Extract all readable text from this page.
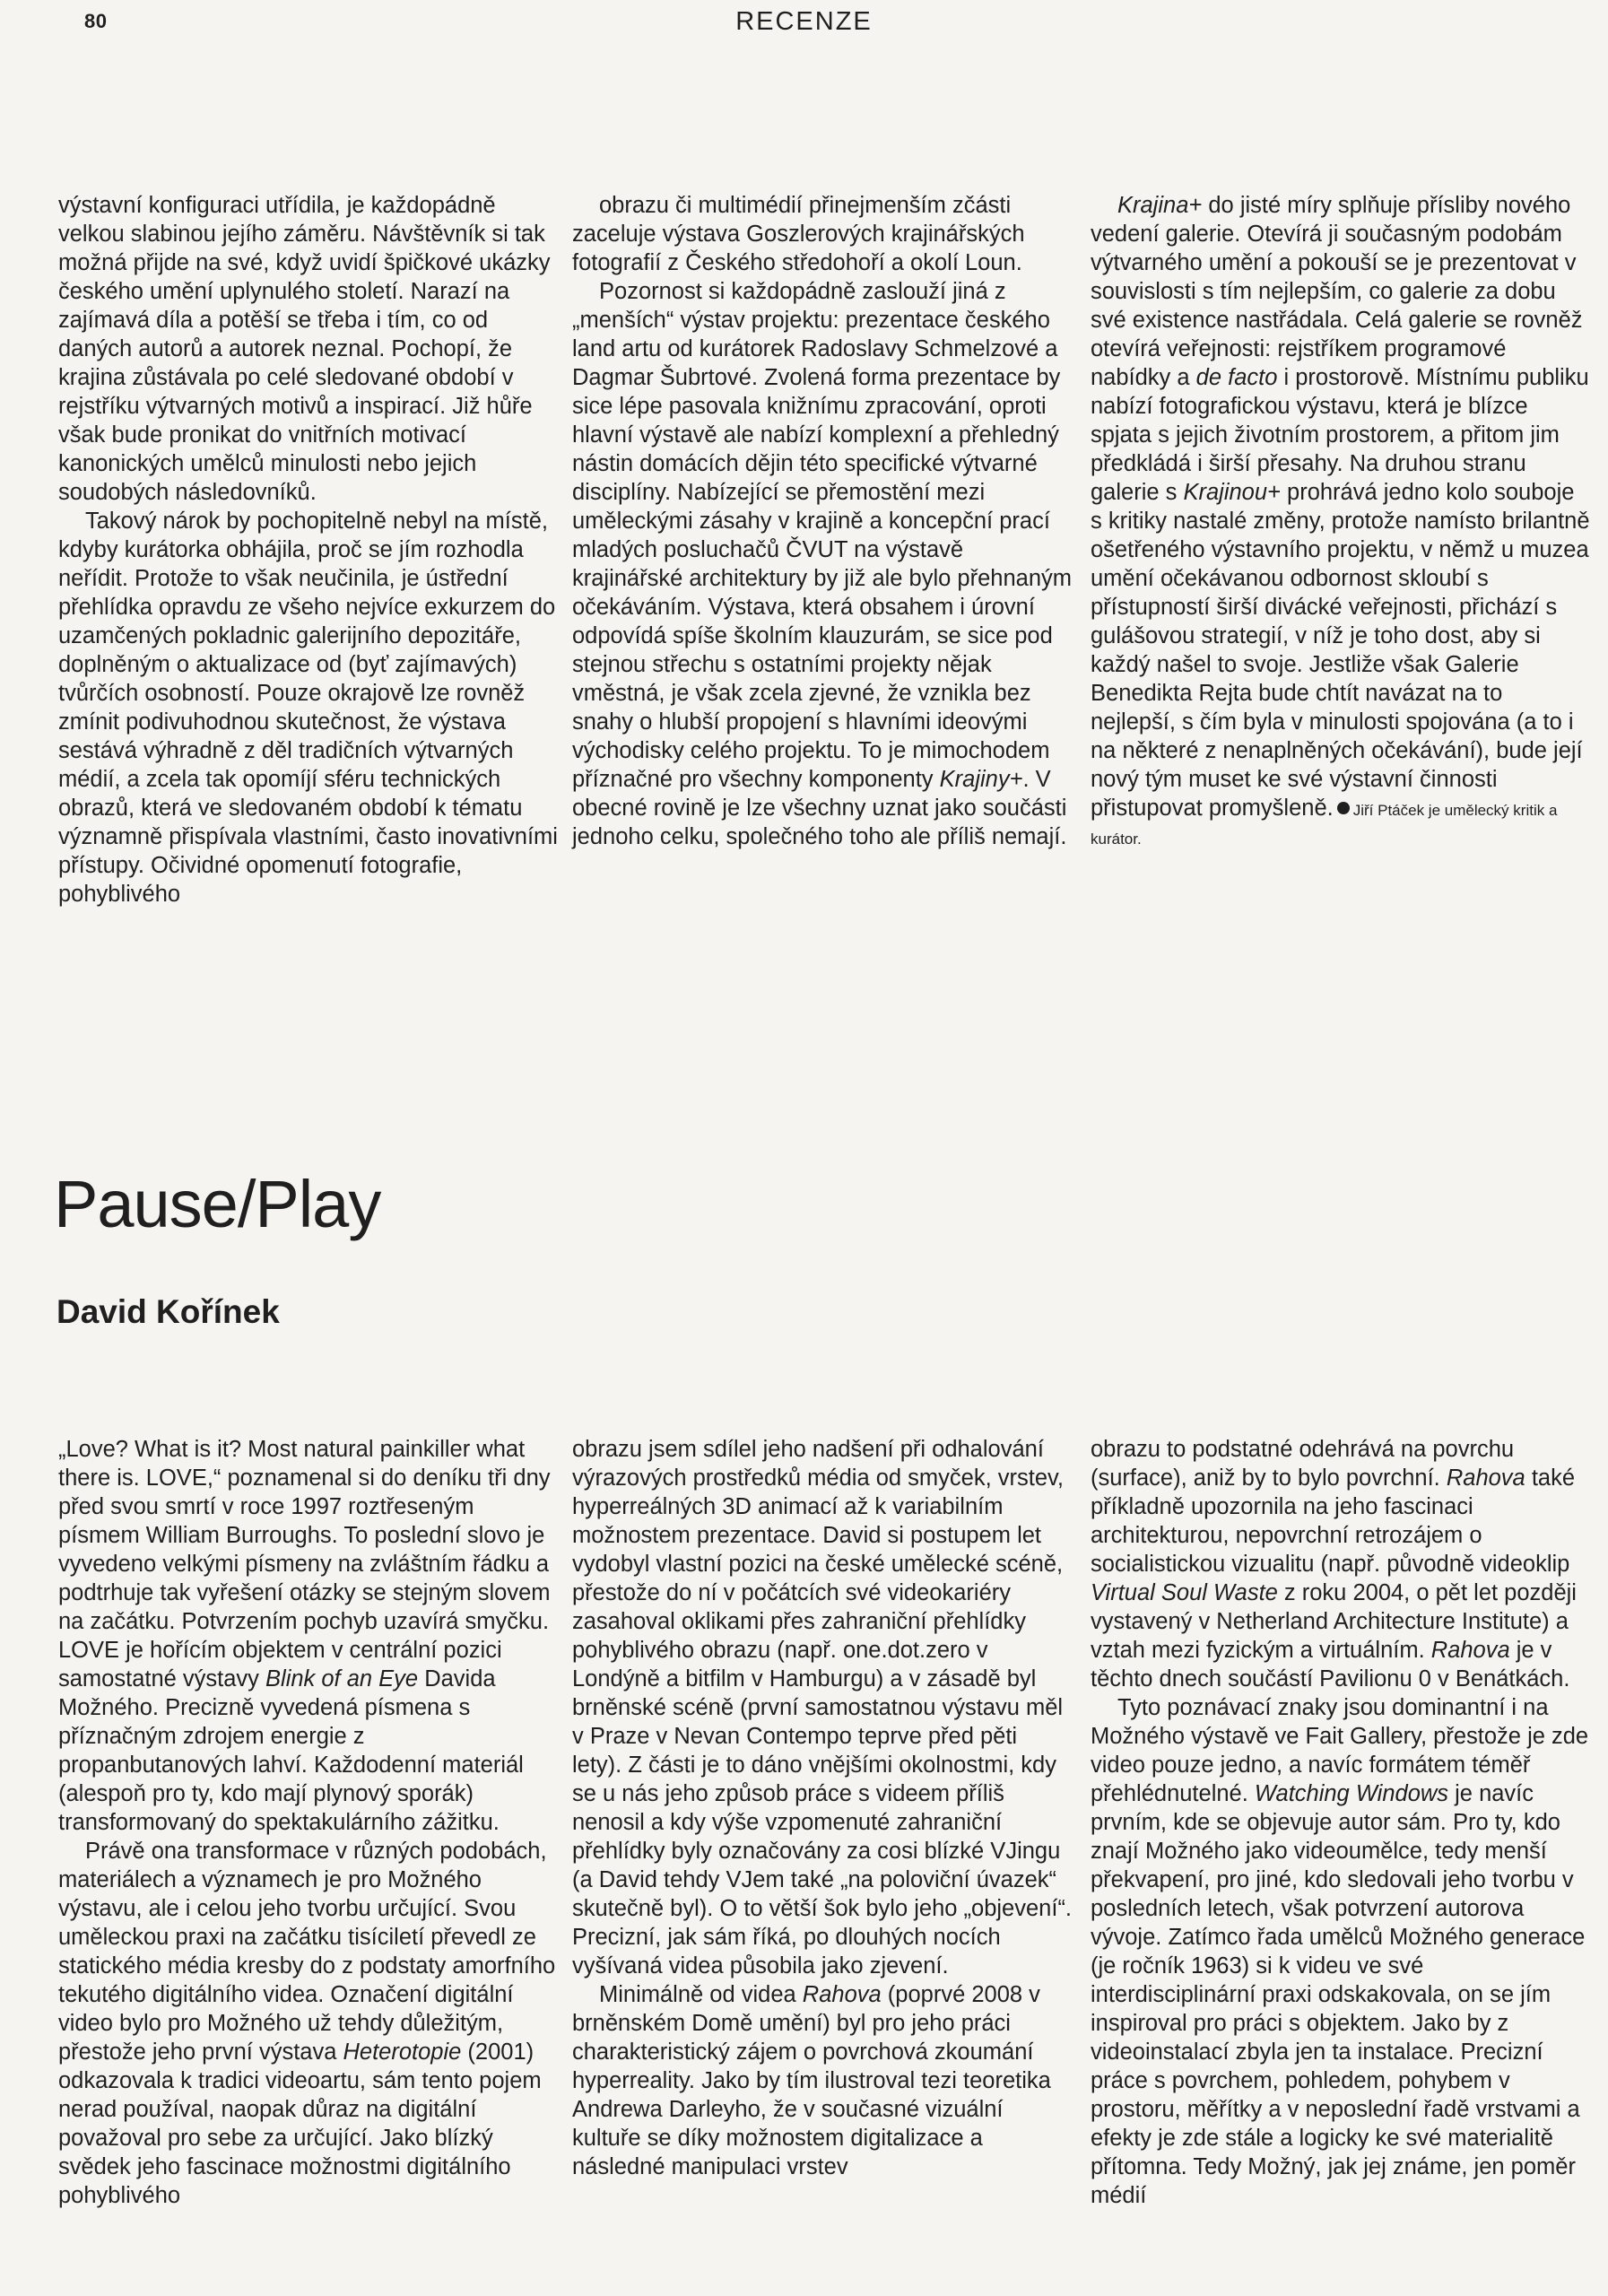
80	RECENZE

výstavní konfiguraci utřídila, je každopádně velkou slabinou jejího záměru. Návštěvník si tak možná přijde na své, když uvidí špičkové ukázky českého umění uplynulého století. Narazí na zajímavá díla a potěší se třeba i tím, co od daných autorů a autorek neznal. Pochopí, že krajina zůstávala po celé sledované období v rejstříku výtvarných motivů a inspirací. Již hůře však bude pronikat do vnitřních motivací kanonických umělců minulosti nebo jejich soudobých následovníků.

Takový nárok by pochopitelně nebyl na místě, kdyby kurátorka obhájila, proč se jím rozhodla neřídit. Protože to však neučinila, je ústřední přehlídka opravdu ze všeho nejvíce exkurzem do uzamčených pokladnic galerijního depozitáře, doplněným o aktualizace od (byť zajímavých) tvůrčích osobností. Pouze okrajově lze rovněž zmínit podivuhodnou skutečnost, že výstava sestává výhradně z děl tradičních výtvarných médií, a zcela tak opomíjí sféru technických obrazů, která ve sledovaném období k tématu významně přispívala vlastními, často inovativními přístupy. Očividné opomenutí fotografie, pohyblivého

obrazu či multimédií přinejmenším zčásti zaceluje výstava Goszlerových krajinářských fotografií z Českého středohoří a okolí Loun.

Pozornost si každopádně zaslouží jiná z „menších“ výstav projektu: prezentace českého land artu od kurátorek Radoslavy Schmelzové a Dagmar Šubrtové. Zvolená forma prezentace by sice lépe pasovala knižnímu zpracování, oproti hlavní výstavě ale nabízí komplexní a přehledný nástin domácích dějin této specifické výtvarné disciplíny. Nabízející se přemostění mezi uměleckými zásahy v krajině a koncepční prací mladých posluchačů ČVUT na výstavě krajinářské architektury by již ale bylo přehnaným očekáváním. Výstava, která obsahem i úrovní odpovídá spíše školním klauzurám, se sice pod stejnou střechu s ostatními projekty nějak vměstná, je však zcela zjevné, že vznikla bez snahy o hlubší propojení s hlavními ideovými východisky celého projektu. To je mimochodem příznačné pro všechny komponenty Krajiny+. V obecné rovině je lze všechny uznat jako součásti jednoho celku, společného toho ale příliš nemají.

Krajina+ do jisté míry splňuje přísliby nového vedení galerie. Otevírá ji současným podobám výtvarného umění a pokouší se je prezentovat v souvislosti s tím nejlepším, co galerie za dobu své existence nastřádala. Celá galerie se rovněž otevírá veřejnosti: rejstříkem programové nabídky a de facto i prostorově. Místnímu publiku nabízí fotografickou výstavu, která je blízce spjata s jejich životním prostorem, a přitom jim předkládá i širší přesahy. Na druhou stranu galerie s Krajinou+ prohrává jedno kolo souboje s kritiky nastalé změny, protože namísto brilantně ošetřeného výstavního projektu, v němž u muzea umění očekávanou odbornost skloubí s přístupností širší divácké veřejnosti, přichází s gulášovou strategií, v níž je toho dost, aby si každý našel to svoje. Jestliže však Galerie Benedikta Rejta bude chtít navázat na to nejlepší, s čím byla v minulosti spojována (a to i na některé z nenaplněných očekávání), bude její nový tým muset ke své výstavní činnosti přistupovat promyšleně. Jiří Ptáček je umělecký kritik a kurátor.

Pause/Play
David Kořínek

„Love? What is it? Most natural painkiller what there is. LOVE,“ poznamenal si do deníku tři dny před svou smrtí v roce 1997 roztřeseným písmem William Burroughs. To poslední slovo je vyvedeno velkými písmeny na zvláštním řádku a podtrhuje tak vyřešení otázky se stejným slovem na začátku. Potvrzením pochyb uzavírá smyčku. LOVE je hořícím objektem v centrální pozici samostatné výstavy Blink of an Eye Davida Možného. Precizně vyvedená písmena s příznačným zdrojem energie z propanbutanových lahví. Každodenní materiál (alespoň pro ty, kdo mají plynový sporák) transformovaný do spektakulárního zážitku.

Právě ona transformace v různých podobách, materiálech a významech je pro Možného výstavu, ale i celou jeho tvorbu určující. Svou uměleckou praxi na začátku tisíciletí převedl ze statického média kresby do z podstaty amorfního tekutého digitálního videa. Označení digitální video bylo pro Možného už tehdy důležitým, přestože jeho první výstava Heterotopie (2001) odkazovala k tradici videoartu, sám tento pojem nerad používal, naopak důraz na digitální považoval pro sebe za určující. Jako blízký svědek jeho fascinace možnostmi digitálního pohyblivého

obrazu jsem sdílel jeho nadšení při odhalování výrazových prostředků média od smyček, vrstev, hyperreálných 3D animací až k variabilním možnostem prezentace. David si postupem let vydobyl vlastní pozici na české umělecké scéně, přestože do ní v počátcích své videokariéry zasahoval oklikami přes zahraniční přehlídky pohyblivého obrazu (např. one.dot.zero v Londýně a bitfilm v Hamburgu) a v zásadě byl brněnské scéně (první samostatnou výstavu měl v Praze v Nevan Contempo teprve před pěti lety). Z části je to dáno vnějšími okolnostmi, kdy se u nás jeho způsob práce s videem příliš nenosil a kdy výše vzpomenuté zahraniční přehlídky byly označovány za cosi blízké VJingu (a David tehdy VJem také „na poloviční úvazek“ skutečně byl). O to větší šok bylo jeho „objevení“. Precizní, jak sám říká, po dlouhých nocích vyšívaná videa působila jako zjevení.

Minimálně od videa Rahova (poprvé 2008 v brněnském Domě umění) byl pro jeho práci charakteristický zájem o povrchová zkoumání hyperreality. Jako by tím ilustroval tezi teoretika Andrewa Darleyho, že v současné vizuální kultuře se díky možnostem digitalizace a následné manipulaci vrstev

obrazu to podstatné odehrává na povrchu (surface), aniž by to bylo povrchní. Rahova také příkladně upozornila na jeho fascinaci architekturou, nepovrchní retrozájem o socialistickou vizualitu (např. původně videoklip Virtual Soul Waste z roku 2004, o pět let později vystavený v Netherland Architecture Institute) a vztah mezi fyzickým a virtuálním. Rahova je v těchto dnech součástí Pavilionu 0 v Benátkách.

Tyto poznávací znaky jsou dominantní i na Možného výstavě ve Fait Gallery, přestože je zde video pouze jedno, a navíc formátem téměř přehlédnutelné. Watching Windows je navíc prvním, kde se objevuje autor sám. Pro ty, kdo znají Možného jako videoumělce, tedy menší překvapení, pro jiné, kdo sledovali jeho tvorbu v posledních letech, však potvrzení autorova vývoje. Zatímco řada umělců Možného generace (je ročník 1963) si k videu ve své interdisciplinární praxi odskakovala, on se jím inspiroval pro práci s objektem. Jako by z videoinstalací zbyla jen ta instalace. Precizní práce s povrchem, pohledem, pohybem v prostoru, měřítky a v neposlední řadě vrstvami a efekty je zde stále a logicky ke své materialitě přítomna. Tedy Možný, jak jej známe, jen poměr médií
